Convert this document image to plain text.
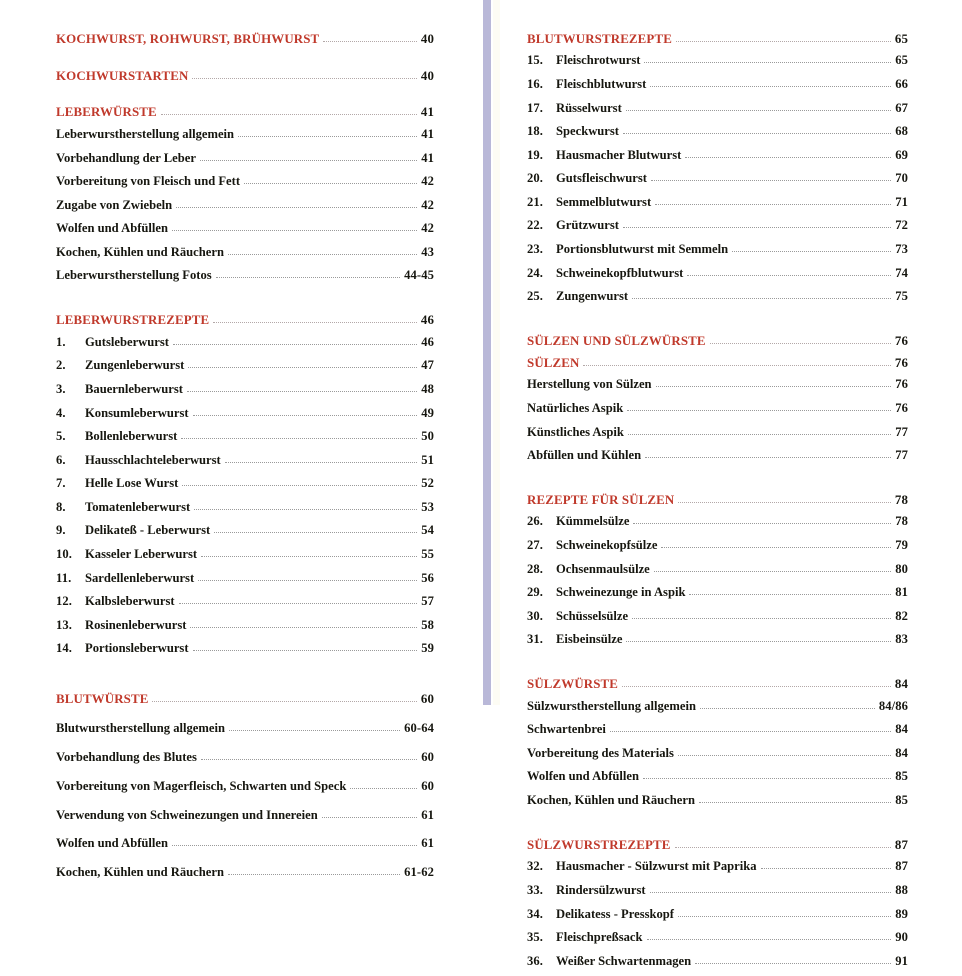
KOCHWURST, ROHWURST, BRÜHWURST	40
KOCHWURSTARTEN	40
LEBERWÜRSTE	41
Leberwurstherstellung allgemein	41
Vorbehandlung der Leber	41
Vorbereitung von Fleisch und Fett	42
Zugabe von Zwiebeln	42
Wolfen und Abfüllen	42
Kochen, Kühlen und Räuchern	43
Leberwurstherstellung Fotos	44-45
LEBERWURSTREZEPTE	46
1.	Gutsleberwurst	46
2.	Zungenleberwurst	47
3.	Bauernleberwurst	48
4.	Konsumleberwurst	49
5.	Bollenleberwurst	50
6.	Hausschlachteleberwurst	51
7.	Helle Lose Wurst	52
8.	Tomatenleberwurst	53
9.	Delikateß - Leberwurst	54
10.	Kasseler Leberwurst	55
11.	Sardellenleberwurst	56
12.	Kalbsleberwurst	57
13.	Rosinenleberwurst	58
14.	Portionsleberwurst	59
BLUTWÜRSTE	60
Blutwurstherstellung allgemein	60-64
Vorbehandlung des Blutes	60
Vorbereitung von Magerfleisch, Schwarten und Speck	60
Verwendung von Schweinezungen und Innereien	61
Wolfen und Abfüllen	61
Kochen, Kühlen und Räuchern	61-62
BLUTWURSTREZEPTE	65
15.	Fleischrotwurst	65
16.	Fleischblutwurst	66
17.	Rüsselwurst	67
18.	Speckwurst	68
19.	Hausmacher Blutwurst	69
20.	Gutsfleischwurst	70
21.	Semmelblutwurst	71
22.	Grützwurst	72
23.	Portionsblutwurst mit Semmeln	73
24.	Schweinekopfblutwurst	74
25.	Zungenwurst	75
SÜLZEN UND SÜLZWÜRSTE	76
SÜLZEN	76
Herstellung von Sülzen	76
Natürliches Aspik	76
Künstliches Aspik	77
Abfüllen und Kühlen	77
REZEPTE FÜR SÜLZEN	78
26.	Kümmelsülze	78
27.	Schweinekopfsülze	79
28.	Ochsenmaulsülze	80
29.	Schweinezunge in Aspik	81
30.	Schüsselsülze	82
31.	Eisbeinsülze	83
SÜLZWÜRSTE	84
Sülzwurstherstellung allgemein	84/86
Schwartenbrei	84
Vorbereitung des Materials	84
Wolfen und Abfüllen	85
Kochen, Kühlen und Räuchern	85
SÜLZWURSTREZEPTE	87
32.	Hausmacher - Sülzwurst mit Paprika	87
33.	Rindersülzwurst	88
34.	Delikatess - Presskopf	89
35.	Fleischpreßsack	90
36.	Weißer Schwartenmagen	91
